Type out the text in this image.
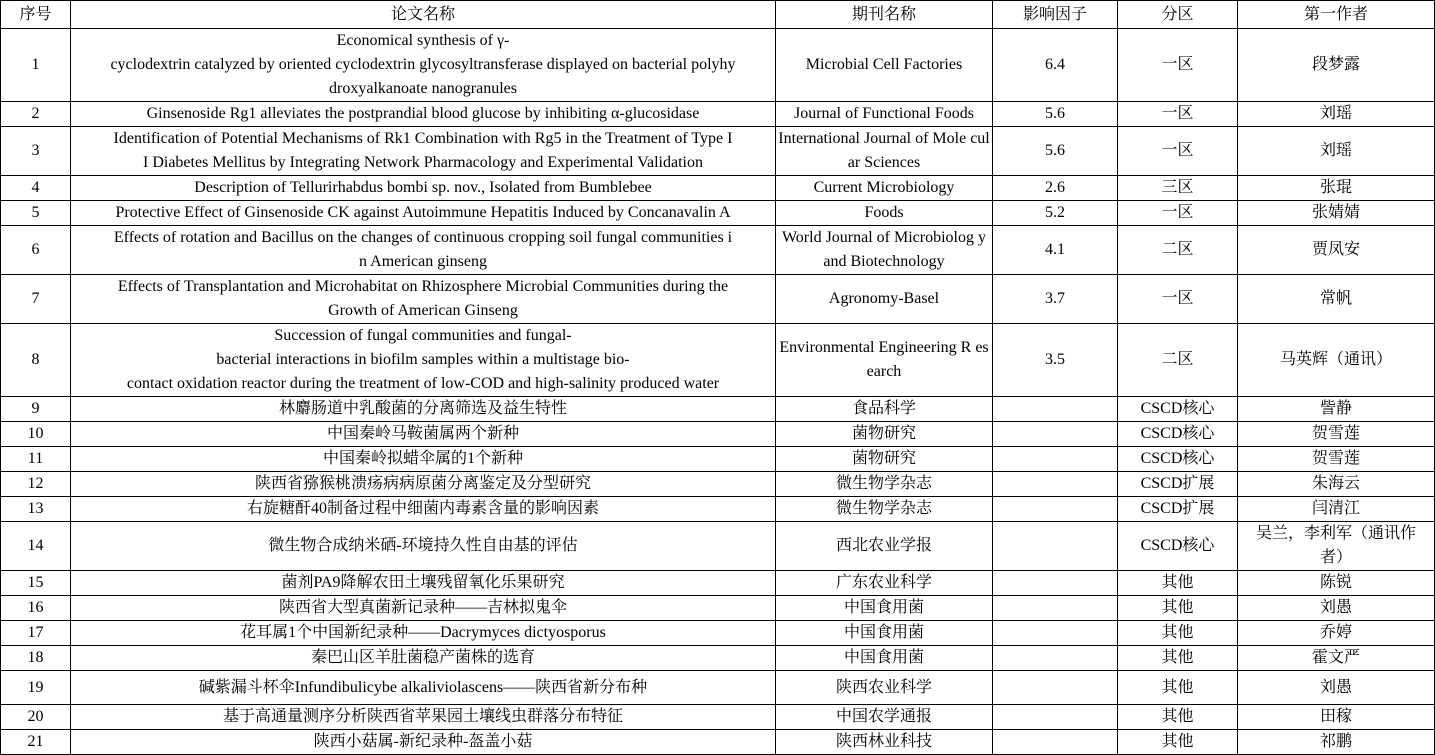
序号	论文名称	期刊名称	影响因子	分区	第一作者
1	Economical synthesis of γ-
cyclodextrin catalyzed by oriented cyclodextrin glycosyltransferase displayed on bacterial polyhy
droxyalkanoate nanogranules	Microbial Cell Factories	6.4	一区	段梦露
2	Ginsenoside Rg1 alleviates the postprandial blood glucose by inhibiting α-glucosidase	Journal of Functional Foods	5.6	一区	刘瑶
3	Identification of Potential Mechanisms of Rk1 Combination with Rg5 in the Treatment of Type I
I Diabetes Mellitus by Integrating Network Pharmacology and Experimental Validation	International Journal of Mole cular Sciences	5.6	一区	刘瑶
4	Description of Tellurirhabdus bombi sp. nov., Isolated from Bumblebee	Current Microbiology	2.6	三区	张琨
5	Protective Effect of Ginsenoside CK against Autoimmune Hepatitis Induced by Concanavalin A	Foods	5.2	一区	张婧婧
6	Effects of rotation and Bacillus on the changes of continuous cropping soil fungal communities i
n American ginseng	World Journal of Microbiolog y and Biotechnology	4.1	二区	贾凤安
7	Effects of Transplantation and Microhabitat on Rhizosphere Microbial Communities during the
Growth of American Ginseng	Agronomy-Basel	3.7	一区	常帆
8	Succession of fungal communities and fungal-
bacterial interactions in biofilm samples within a multistage bio-
contact oxidation reactor during the treatment of low-COD and high-salinity produced water	Environmental Engineering R esearch	3.5	二区	马英辉（通讯）
9	林麝肠道中乳酸菌的分离筛选及益生特性	食品科学		CSCD核心	訾静
10	中国秦岭马鞍菌属两个新种	菌物研究		CSCD核心	贺雪莲
11	中国秦岭拟蜡伞属的1个新种	菌物研究		CSCD核心	贺雪莲
12	陕西省猕猴桃溃疡病病原菌分离鉴定及分型研究	微生物学杂志		CSCD扩展	朱海云
13	右旋糖酐40制备过程中细菌内毒素含量的影响因素	微生物学杂志		CSCD扩展	闫清江
14	微生物合成纳米硒-环境持久性自由基的评估	西北农业学报		CSCD核心	吴兰，李利军（通讯作
者）
15	菌剂PA9降解农田土壤残留氧化乐果研究	广东农业科学		其他	陈锐
16	陕西省大型真菌新记录种——吉林拟鬼伞	中国食用菌		其他	刘愚
17	花耳属1个中国新纪录种——Dacrymyces dictyosporus	中国食用菌		其他	乔婷
18	秦巴山区羊肚菌稳产菌株的选育	中国食用菌		其他	霍文严
19	碱紫漏斗杯伞Infundibulicybe alkaliviolascens——陕西省新分布种	陕西农业科学		其他	刘愚
20	基于高通量测序分析陕西省苹果园土壤线虫群落分布特征	中国农学通报		其他	田稼
21	陕西小菇属-新纪录种-盔盖小菇	陕西林业科技		其他	祁鹏
